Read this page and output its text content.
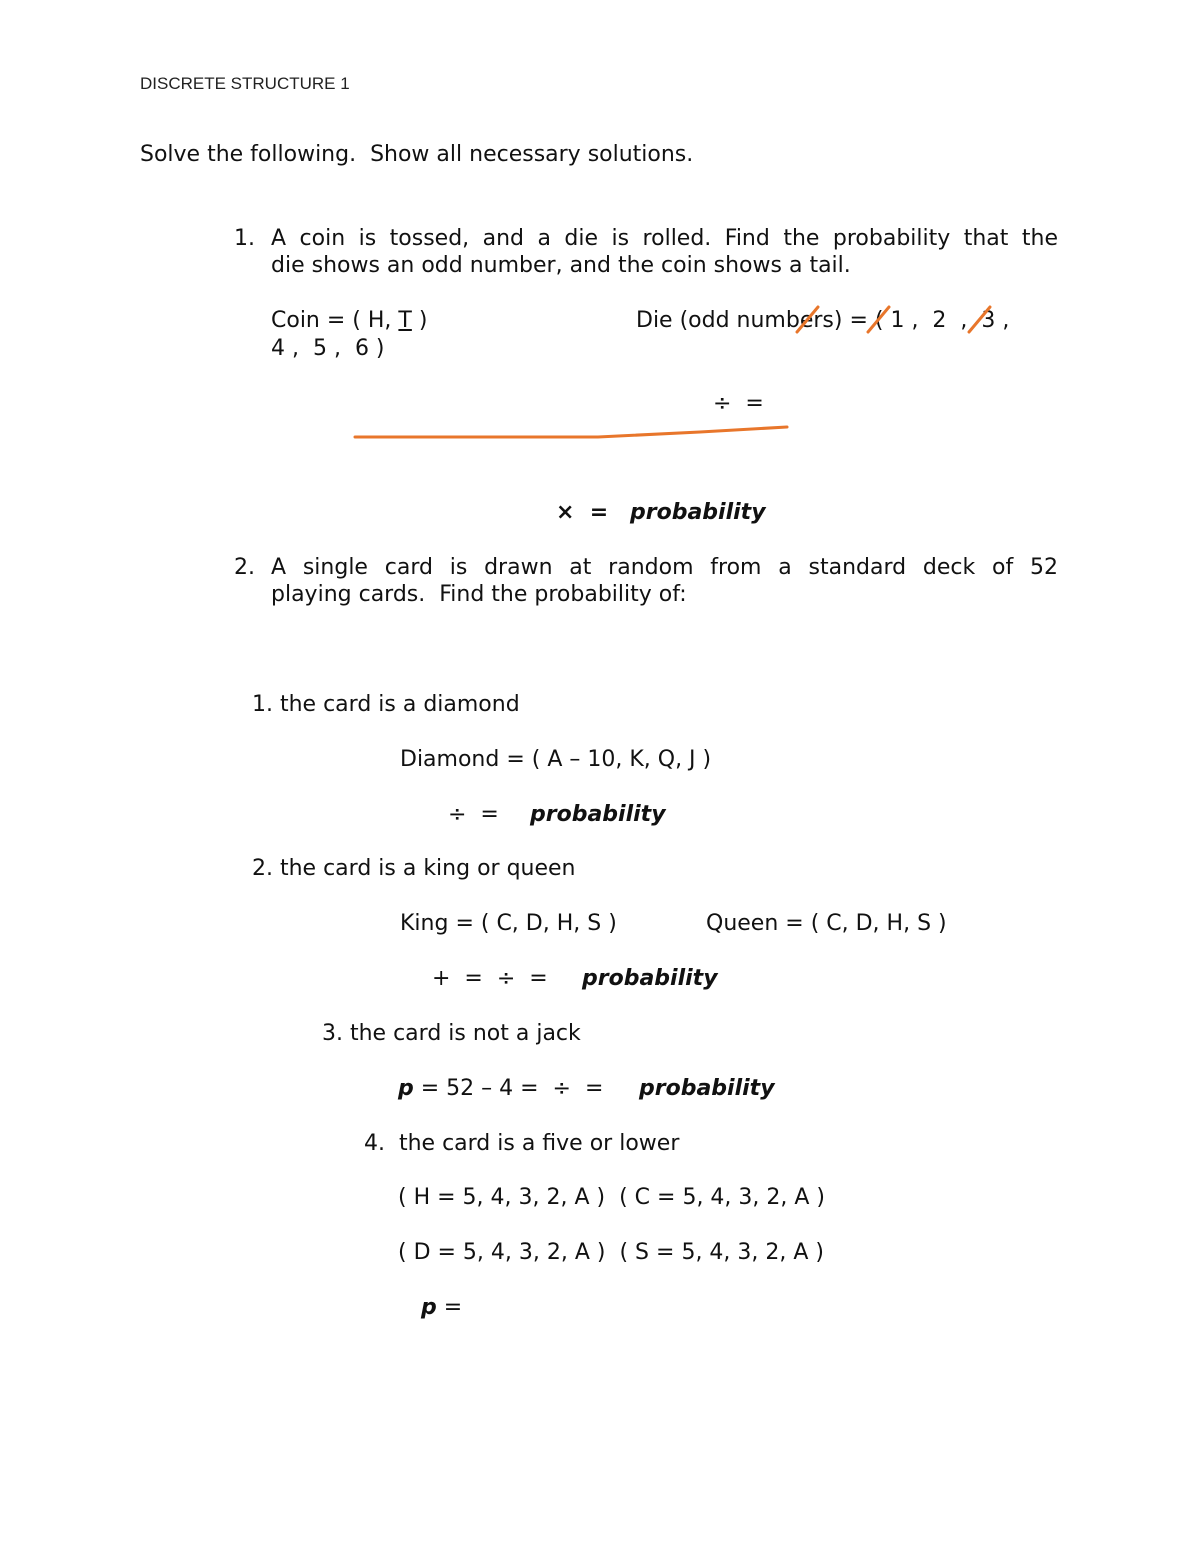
DISCRETE STRUCTURE 1
Solve the following.  Show all necessary solutions.
1. A coin is tossed, and a die is rolled. Find the probability that the
die shows an odd number, and the coin shows a tail.
Coin = ( H, T )	Die (odd numbers) = ( 1 ,  2  ,  3 ,
4 ,  5 ,  6 )
÷  =
×  = probability
2. A single card is drawn at random from a standard deck of 52
playing cards.  Find the probability of:
1. the card is a diamond
Diamond = ( A – 10, K, Q, J )
÷  = probability
2. the card is a king or queen
King = ( C, D, H, S )	Queen = ( C, D, H, S )
+  =  ÷  = probability
3. the card is not a jack
p = 52 – 4 =  ÷  = probability
4.  the card is a five or lower
( H = 5, 4, 3, 2, A )  ( C = 5, 4, 3, 2, A )
( D = 5, 4, 3, 2, A )  ( S = 5, 4, 3, 2, A )
p =
